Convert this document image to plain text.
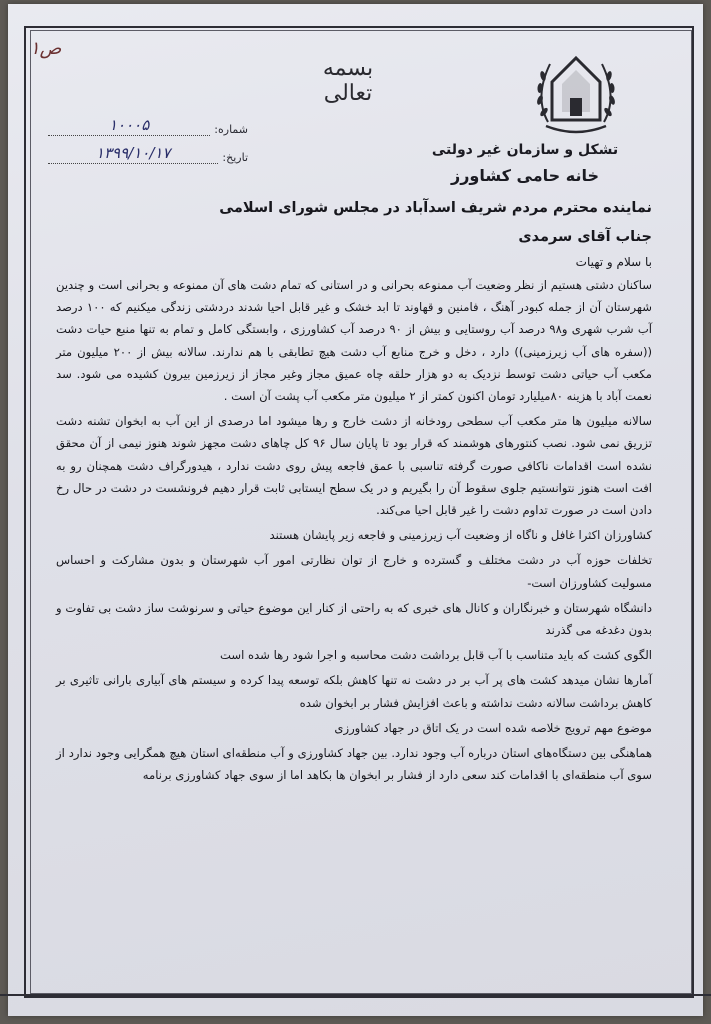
ص۱
بسمه تعالی
تشکل و سازمان غیر دولتی
خانه حامی کشاورز
شماره:
۱۰۰۰۵
تاریخ:
۱۳۹۹/۱۰/۱۷

نماینده محترم مردم شریف اسدآباد در مجلس شورای اسلامی

جناب آقای سرمدی

با سلام و تهیات

ساکنان دشتی هستیم از نظر وضعیت آب ممنوعه بحرانی و در استانی که تمام دشت های آن ممنوعه و بحرانی است و چندین شهرستان آن از جمله کبودر آهنگ ، فامنین و قهاوند تا ابد خشک و غیر قابل احیا شدند دردشتی زندگی میکنیم که ۱۰۰ درصد آب شرب شهری و۹۸ درصد آب روستایی و بیش از ۹۰ درصد آب کشاورزی ، وابستگی کامل و تمام به تنها منبع حیات دشت ((سفره های آب زیرزمینی)) دارد ، دخل و خرج منابع آب دشت هیچ تطابقی با هم ندارند. سالانه بیش از ۲۰۰ میلیون متر مکعب آب حیاتی دشت توسط نزدیک به دو هزار حلقه چاه عمیق مجاز وغیر مجاز از زیرزمین بیرون کشیده می شود. سد نعمت آباد با هزینه ۸۰میلیارد تومان اکنون کمتر از ۲ میلیون متر مکعب آب پشت آن است .

سالانه میلیون ها متر مکعب آب سطحی رودخانه از دشت خارج و رها میشود اما درصدی از این آب به ابخوان تشنه دشت تزریق نمی شود. نصب کنتورهای هوشمند که قرار بود تا پایان سال ۹۶ کل چاهای دشت مجهز شوند هنوز نیمی از آن محقق نشده است اقدامات ناکافی صورت گرفته تناسبی با عمق فاجعه پیش روی دشت ندارد ، هیدورگراف دشت همچنان رو به افت است هنوز نتوانستیم جلوی سقوط آن را بگیریم و در یک سطح ایستابی ثابت قرار دهیم فرونشست در دشت در حال رخ دادن است در صورت تداوم دشت را غیر قابل احیا می‌کند.

کشاورزان اکثرا غافل و ناگاه از وضعیت آب زیرزمینی و فاجعه زیر پایشان هستند

تخلفات حوزه آب در دشت مختلف و گسترده و خارج از توان نظارتی امور آب شهرستان و بدون مشارکت و احساس مسولیت کشاورزان است-

دانشگاه شهرستان و خبرنگاران و کانال های خبری که به راحتی از کنار این موضوع حیاتی و سرنوشت ساز دشت بی تفاوت و بدون دغدغه می گذرند

الگوی کشت که باید متناسب با آب قابل برداشت دشت محاسبه و اجرا شود رها شده است

آمارها نشان میدهد کشت های پر آب بر در دشت نه تنها کاهش بلکه توسعه پیدا کرده و سیستم های آبیاری بارانی تاثیری بر کاهش برداشت سالانه دشت نداشته و باعث افزایش فشار بر ابخوان شده

موضوع مهم ترویج خلاصه شده است در یک اتاق در جهاد کشاورزی

هماهنگی بین دستگاه‌های استان درباره آب وجود ندارد. بین جهاد کشاورزی و آب منطقه‌ای استان هیچ همگرایی وجود ندارد از سوی آب منطقه‌ای با اقدامات کند سعی دارد از فشار بر ابخوان ها بکاهد اما از سوی جهاد کشاورزی برنامه
